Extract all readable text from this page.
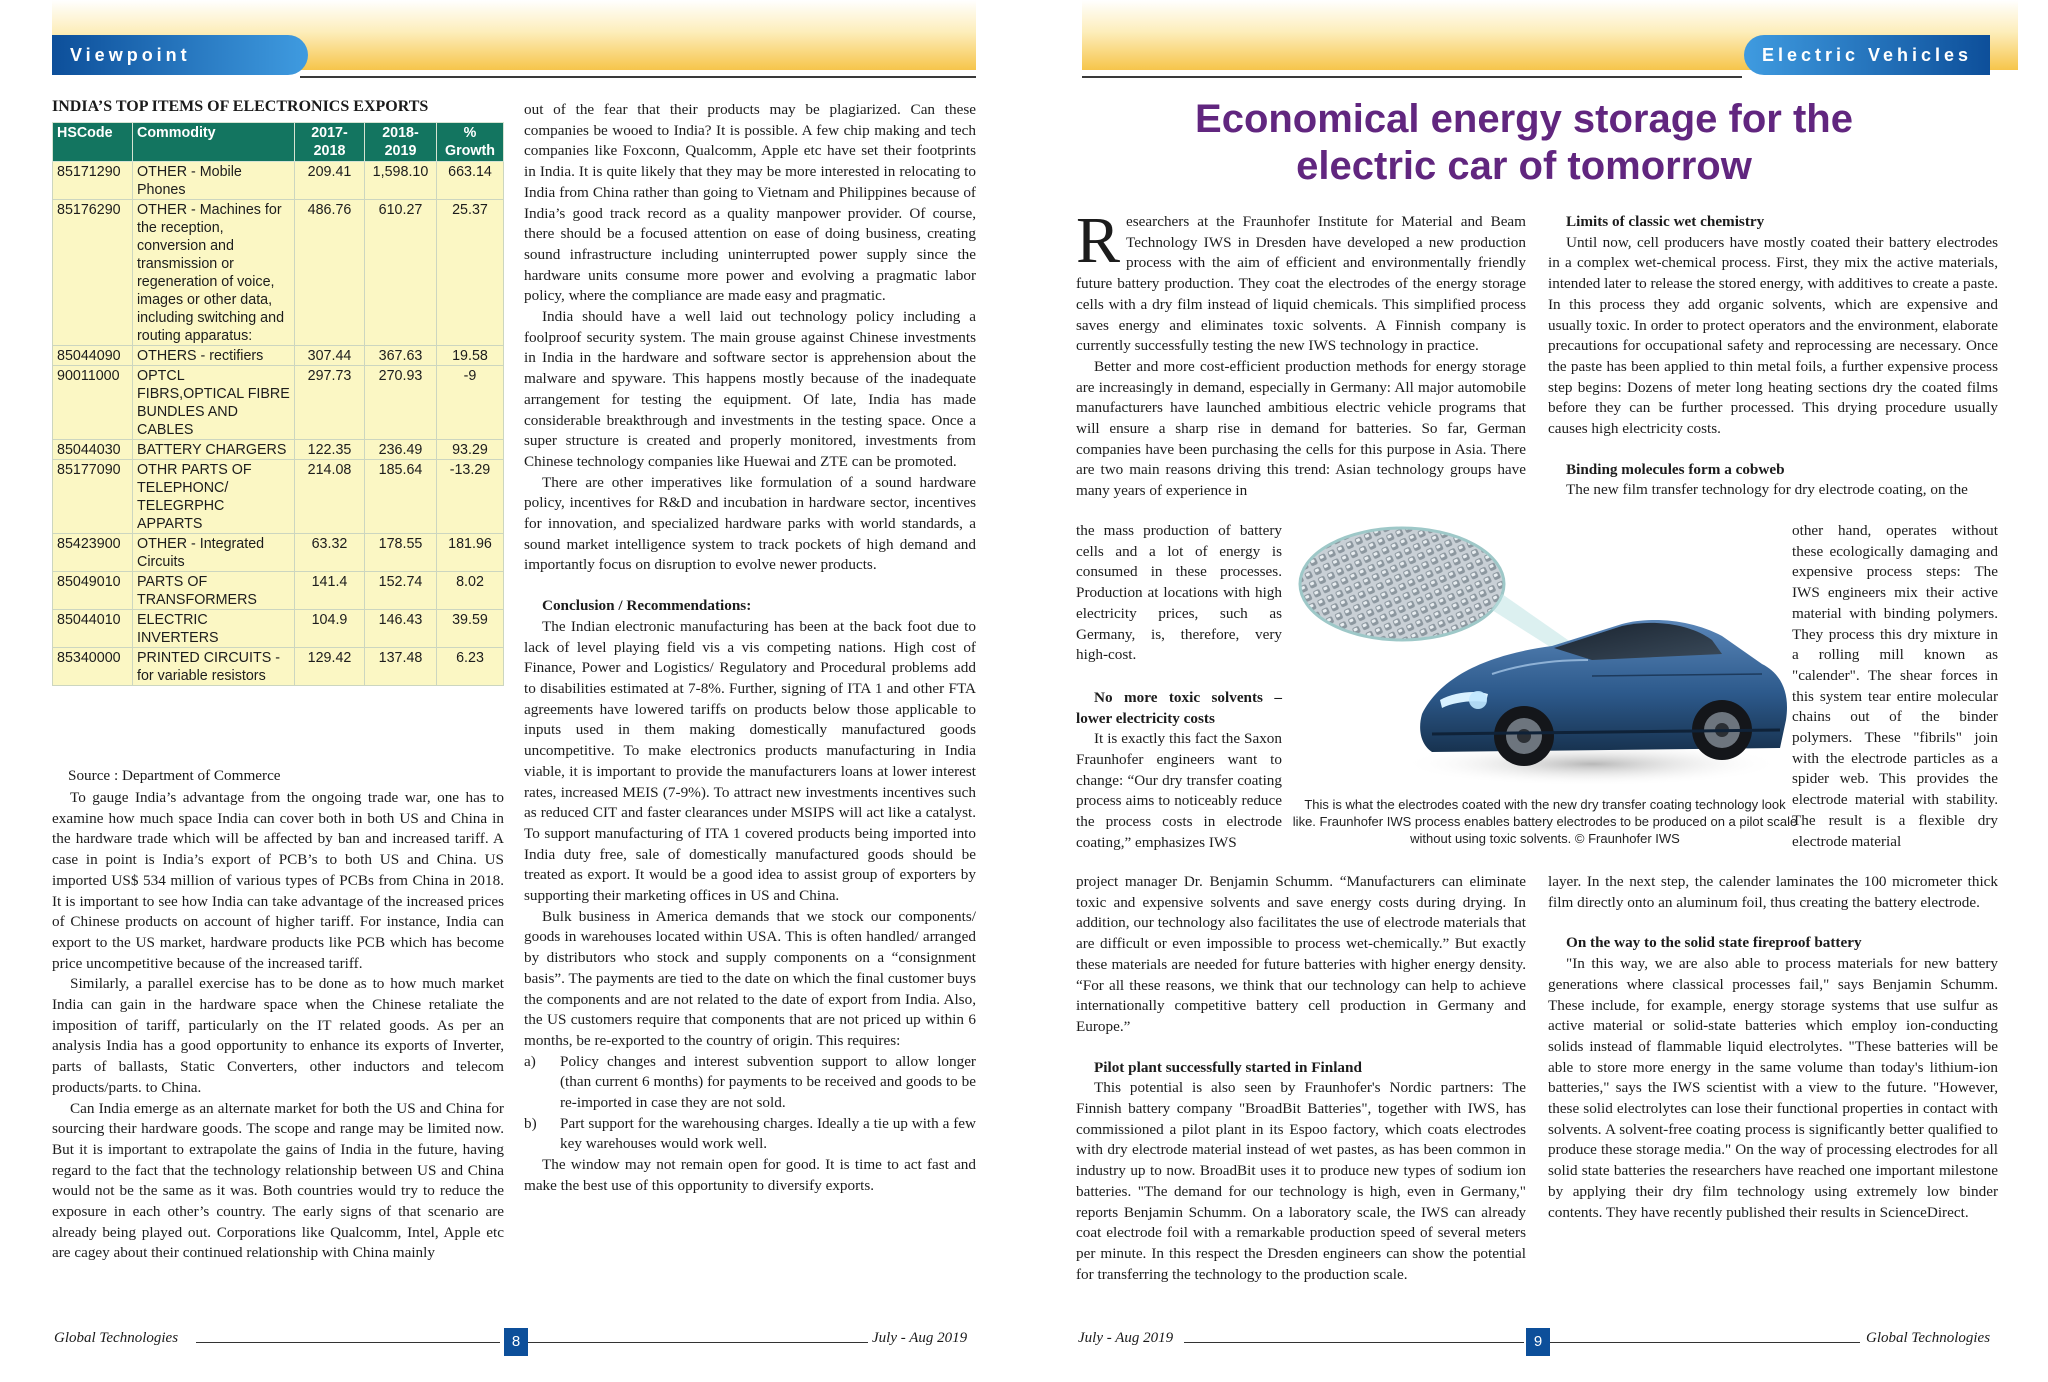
Viewpoint
INDIA’S TOP ITEMS OF ELECTRONICS EXPORTS
HSCode	Commodity	2017-2018	2018-2019	% Growth
85171290	OTHER - Mobile Phones	209.41	1,598.10	663.14
85176290	OTHER - Machines for the reception, conversion and transmission or regeneration of voice, images or other data, including switching and routing apparatus:	486.76	610.27	25.37
85044090	OTHERS - rectifiers	307.44	367.63	19.58
90011000	OPTCL FIBRS,OPTICAL FIBRE BUNDLES AND CABLES	297.73	270.93	-9
85044030	BATTERY CHARGERS	122.35	236.49	93.29
85177090	OTHR PARTS OF TELEPHONC/ TELEGRPHC APPARTS	214.08	185.64	-13.29
85423900	OTHER - Integrated Circuits	63.32	178.55	181.96
85049010	PARTS OF TRANSFORMERS	141.4	152.74	8.02
85044010	ELECTRIC INVERTERS	104.9	146.43	39.59
85340000	PRINTED CIRCUITS - for variable resistors	129.42	137.48	6.23
Source : Department of Commerce

To gauge India’s advantage from the ongoing trade war, one has to examine how much space India can cover both in both US and China in the hardware trade which will be affected by ban and increased tariff. A case in point is India’s export of PCB’s to both US and China. US imported US$ 534 million of various types of PCBs from China in 2018. It is important to see how India can take advantage of the increased prices of Chinese products on account of higher tariff. For instance, India can export to the US market, hardware products like PCB which has become price uncompetitive because of the increased tariff.

Similarly, a parallel exercise has to be done as to how much market India can gain in the hardware space when the Chinese retaliate the imposition of tariff, particularly on the IT related goods. As per an analysis India has a good opportunity to enhance its exports of Inverter, parts of ballasts, Static Converters, other inductors and telecom products/parts. to China.

Can India emerge as an alternate market for both the US and China for sourcing their hardware goods. The scope and range may be limited now. But it is important to extrapolate the gains of India in the future, having regard to the fact that the technology relationship between US and China would not be the same as it was. Both countries would try to reduce the exposure in each other’s country. The early signs of that scenario are already being played out. Corporations like Qualcomm, Intel, Apple etc are cagey about their continued relationship with China mainly

out of the fear that their products may be plagiarized. Can these companies be wooed to India? It is possible. A few chip making and tech companies like Foxconn, Qualcomm, Apple etc have set their footprints in India. It is quite likely that they may be more interested in relocating to India from China rather than going to Vietnam and Philippines because of India’s good track record as a quality manpower provider. Of course, there should be a focused attention on ease of doing business, creating sound infrastructure including uninterrupted power supply since the hardware units consume more power and evolving a pragmatic labor policy, where the compliance are made easy and pragmatic.

India should have a well laid out technology policy including a foolproof security system. The main grouse against Chinese investments in India in the hardware and software sector is apprehension about the malware and spyware. This happens mostly because of the inadequate arrangement for testing the equipment. Of late, India has made considerable breakthrough and investments in the testing space. Once a super structure is created and properly monitored, investments from Chinese technology companies like Huewai and ZTE can be promoted.

There are other imperatives like formulation of a sound hardware policy, incentives for R&D and incubation in hardware sector, incentives for innovation, and specialized hardware parks with world standards, a sound market intelligence system to track pockets of high demand and importantly focus on disruption to evolve newer products.

Conclusion / Recommendations:

The Indian electronic manufacturing has been at the back foot due to lack of level playing field vis a vis competing nations. High cost of Finance, Power and Logistics/ Regulatory and Procedural problems add to disabilities estimated at 7-8%. Further, signing of ITA 1 and other FTA agreements have lowered tariffs on products below those applicable to inputs used in them making domestically manufactured goods uncompetitive. To make electronics products manufacturing in India viable, it is important to provide the manufacturers loans at lower interest rates, increased MEIS (7-9%). To attract new investments incentives such as reduced CIT and faster clearances under MSIPS will act like a catalyst. To support manufacturing of ITA 1 covered products being imported into India duty free, sale of domestically manufactured goods should be treated as export. It would be a good idea to assist group of exporters by supporting their marketing offices in US and China.

Bulk business in America demands that we stock our components/ goods in warehouses located within USA. This is often handled/ arranged by distributors who stock and supply components on a “consignment basis”. The payments are tied to the date on which the final customer buys the components and are not related to the date of export from India. Also, the US customers require that components that are not priced up within 6 months, be re-exported to the country of origin. This requires:

a)	Policy changes and interest subvention support to allow longer (than current 6 months) for payments to be received and goods to be re-imported in case they are not sold.
b)	Part support for the warehousing charges. Ideally a tie up with a few key warehouses would work well.

The window may not remain open for good. It is time to act fast and make the best use of this opportunity to diversify exports.

Global Technologies	8	July - Aug 2019
Electric Vehicles
Economical energy storage for the electric car of tomorrow

Researchers at the Fraunhofer Institute for Material and Beam Technology IWS in Dresden have developed a new production process with the aim of efficient and environmentally friendly future battery production. They coat the electrodes of the energy storage cells with a dry film instead of liquid chemicals. This simplified process saves energy and eliminates toxic solvents. A Finnish company is currently successfully testing the new IWS technology in practice.

Better and more cost-efficient production methods for energy storage are increasingly in demand, especially in Germany: All major automobile manufacturers have launched ambitious electric vehicle programs that will ensure a sharp rise in demand for batteries. So far, German companies have been purchasing the cells for this purpose in Asia. There are two main reasons driving this trend: Asian technology groups have many years of experience in

the mass production of battery cells and a lot of energy is consumed in these processes. Production at locations with high electricity prices, such as Germany, is, therefore, very high-cost.

No more toxic solvents – lower electricity costs

It is exactly this fact the Saxon Fraunhofer engineers want to change: “Our dry transfer coating process aims to noticeably reduce the process costs in electrode coating,” emphasizes IWS

project manager Dr. Benjamin Schumm. “Manufacturers can eliminate toxic and expensive solvents and save energy costs during drying. In addition, our technology also facilitates the use of electrode materials that are difficult or even impossible to process wet-chemically.” But exactly these materials are needed for future batteries with higher energy density. “For all these reasons, we think that our technology can help to achieve internationally competitive battery cell production in Germany and Europe.”

Pilot plant successfully started in Finland

This potential is also seen by Fraunhofer's Nordic partners: The Finnish battery company "BroadBit Batteries", together with IWS, has commissioned a pilot plant in its Espoo factory, which coats electrodes with dry electrode material instead of wet pastes, as has been common in industry up to now. BroadBit uses it to produce new types of sodium ion batteries. "The demand for our technology is high, even in Germany," reports Benjamin Schumm. On a laboratory scale, the IWS can already coat electrode foil with a remarkable production speed of several meters per minute. In this respect the Dresden engineers can show the potential for transferring the technology to the production scale.

Limits of classic wet chemistry

Until now, cell producers have mostly coated their battery electrodes in a complex wet-chemical process. First, they mix the active materials, intended later to release the stored energy, with additives to create a paste. In this process they add organic solvents, which are expensive and usually toxic. In order to protect operators and the environment, elaborate precautions for occupational safety and reprocessing are necessary. Once the paste has been applied to thin metal foils, a further expensive process step begins: Dozens of meter long heating sections dry the coated films before they can be further processed. This drying procedure usually causes high electricity costs.

Binding molecules form a cobweb

The new film transfer technology for dry electrode coating, on the

other hand, operates without these ecologically damaging and expensive process steps: The IWS engineers mix their active material with binding polymers. They process this dry mixture in a rolling mill known as "calender". The shear forces in this system tear entire molecular chains out of the binder polymers. These "fibrils" join with the electrode particles as a spider web. This provides the electrode material with stability. The result is a flexible dry electrode material

layer. In the next step, the calender laminates the 100 micrometer thick film directly onto an aluminum foil, thus creating the battery electrode.

On the way to the solid state fireproof battery

"In this way, we are also able to process materials for new battery generations where classical processes fail," says Benjamin Schumm. These include, for example, energy storage systems that use sulfur as active material or solid-state batteries which employ ion-conducting solids instead of flammable liquid electrolytes. "These batteries will be able to store more energy in the same volume than today's lithium-ion batteries," says the IWS scientist with a view to the future. "However, these solid electrolytes can lose their functional properties in contact with solvents. A solvent-free coating process is significantly better qualified to produce these storage media." On the way of processing electrodes for all solid state batteries the researchers have reached one important milestone by applying their dry film technology using extremely low binder contents. They have recently published their results in ScienceDirect.

This is what the electrodes coated with the new dry transfer coating technology look like. Fraunhofer IWS process enables battery electrodes to be produced on a pilot scale without using toxic solvents. © Fraunhofer IWS
July - Aug 2019	9	Global Technologies
